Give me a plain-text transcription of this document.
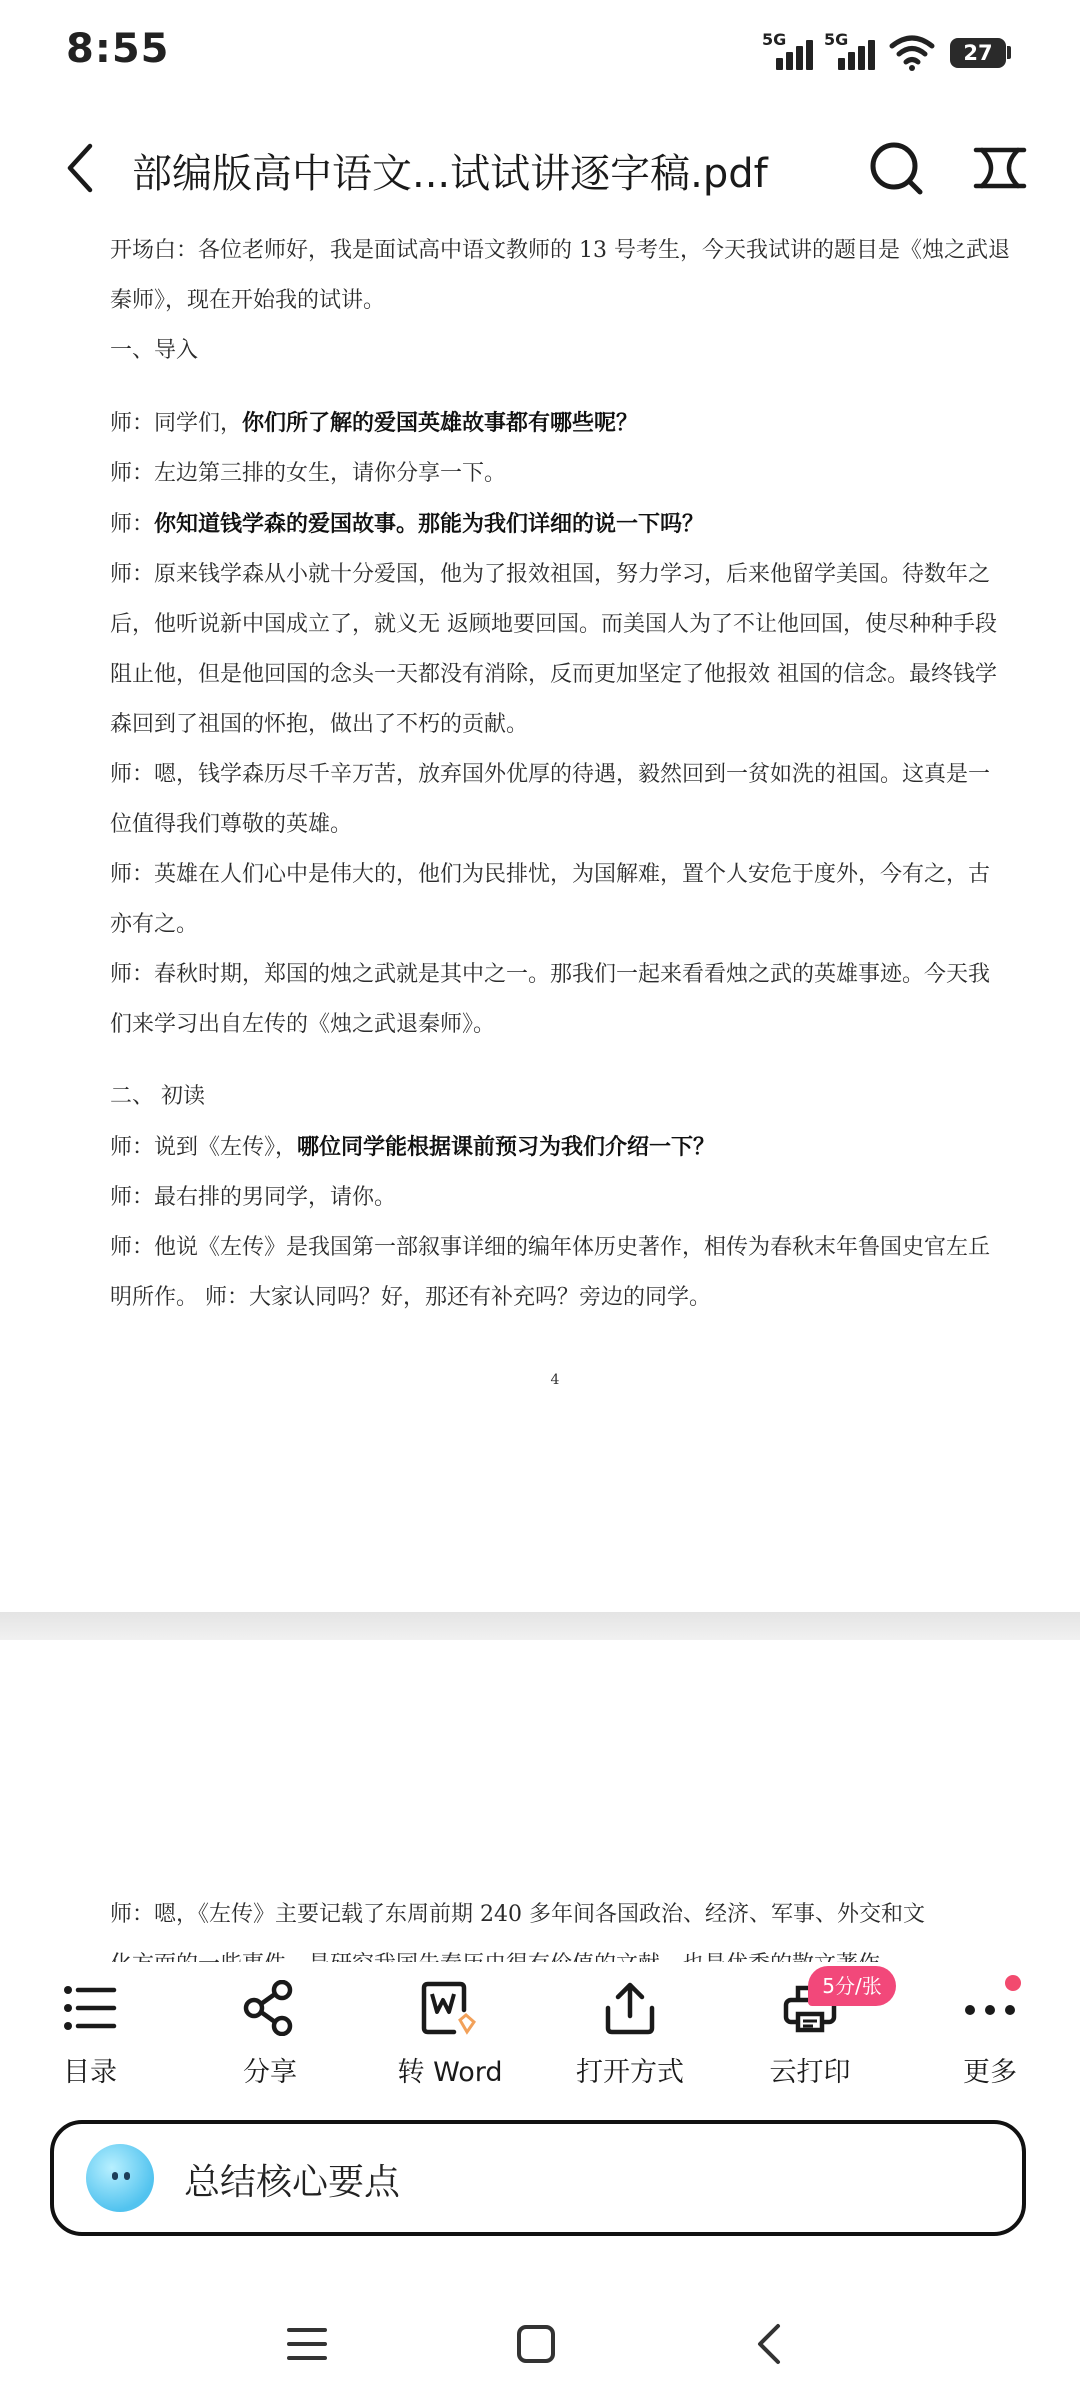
8:55	5G 5G
27
部编版高中语文...试试讲逐字稿.pdf

开场白：各位老师好，我是面试高中语文教师的 13 号考生，今天我试讲的题目是《烛之武退秦师》，现在开始我的试讲。

一、导入

师：同学们，你们所了解的爱国英雄故事都有哪些呢？

师：左边第三排的女生，请你分享一下。

师：你知道钱学森的爱国故事。那能为我们详细的说一下吗？

师：原来钱学森从小就十分爱国，他为了报效祖国，努力学习，后来他留学美国。待数年之后，他听说新中国成立了，就义无 返顾地要回国。而美国人为了不让他回国，使尽种种手段阻止他，但是他回国的念头一天都没有消除，反而更加坚定了他报效 祖国的信念。最终钱学森回到了祖国的怀抱，做出了不朽的贡献。

师：嗯，钱学森历尽千辛万苦，放弃国外优厚的待遇，毅然回到一贫如洗的祖国。这真是一位值得我们尊敬的英雄。

师：英雄在人们心中是伟大的，他们为民排忧，为国解难，置个人安危于度外，今有之，古亦有之。

师：春秋时期，郑国的烛之武就是其中之一。那我们一起来看看烛之武的英雄事迹。今天我们来学习出自左传的《烛之武退秦师》。

二、 初读

师：说到《左传》，哪位同学能根据课前预习为我们介绍一下？

师：最右排的男同学，请你。

师：他说《左传》是我国第一部叙事详细的编年体历史著作，相传为春秋末年鲁国史官左丘明所作。 师：大家认同吗？好，那还有补充吗？旁边的同学。

4
师：嗯，《左传》主要记载了东周前期 240 多年间各国政治、经济、军事、外交和文
目录	分享	转 Word	打开方式	云打印	更多
5分/张
总结核心要点
